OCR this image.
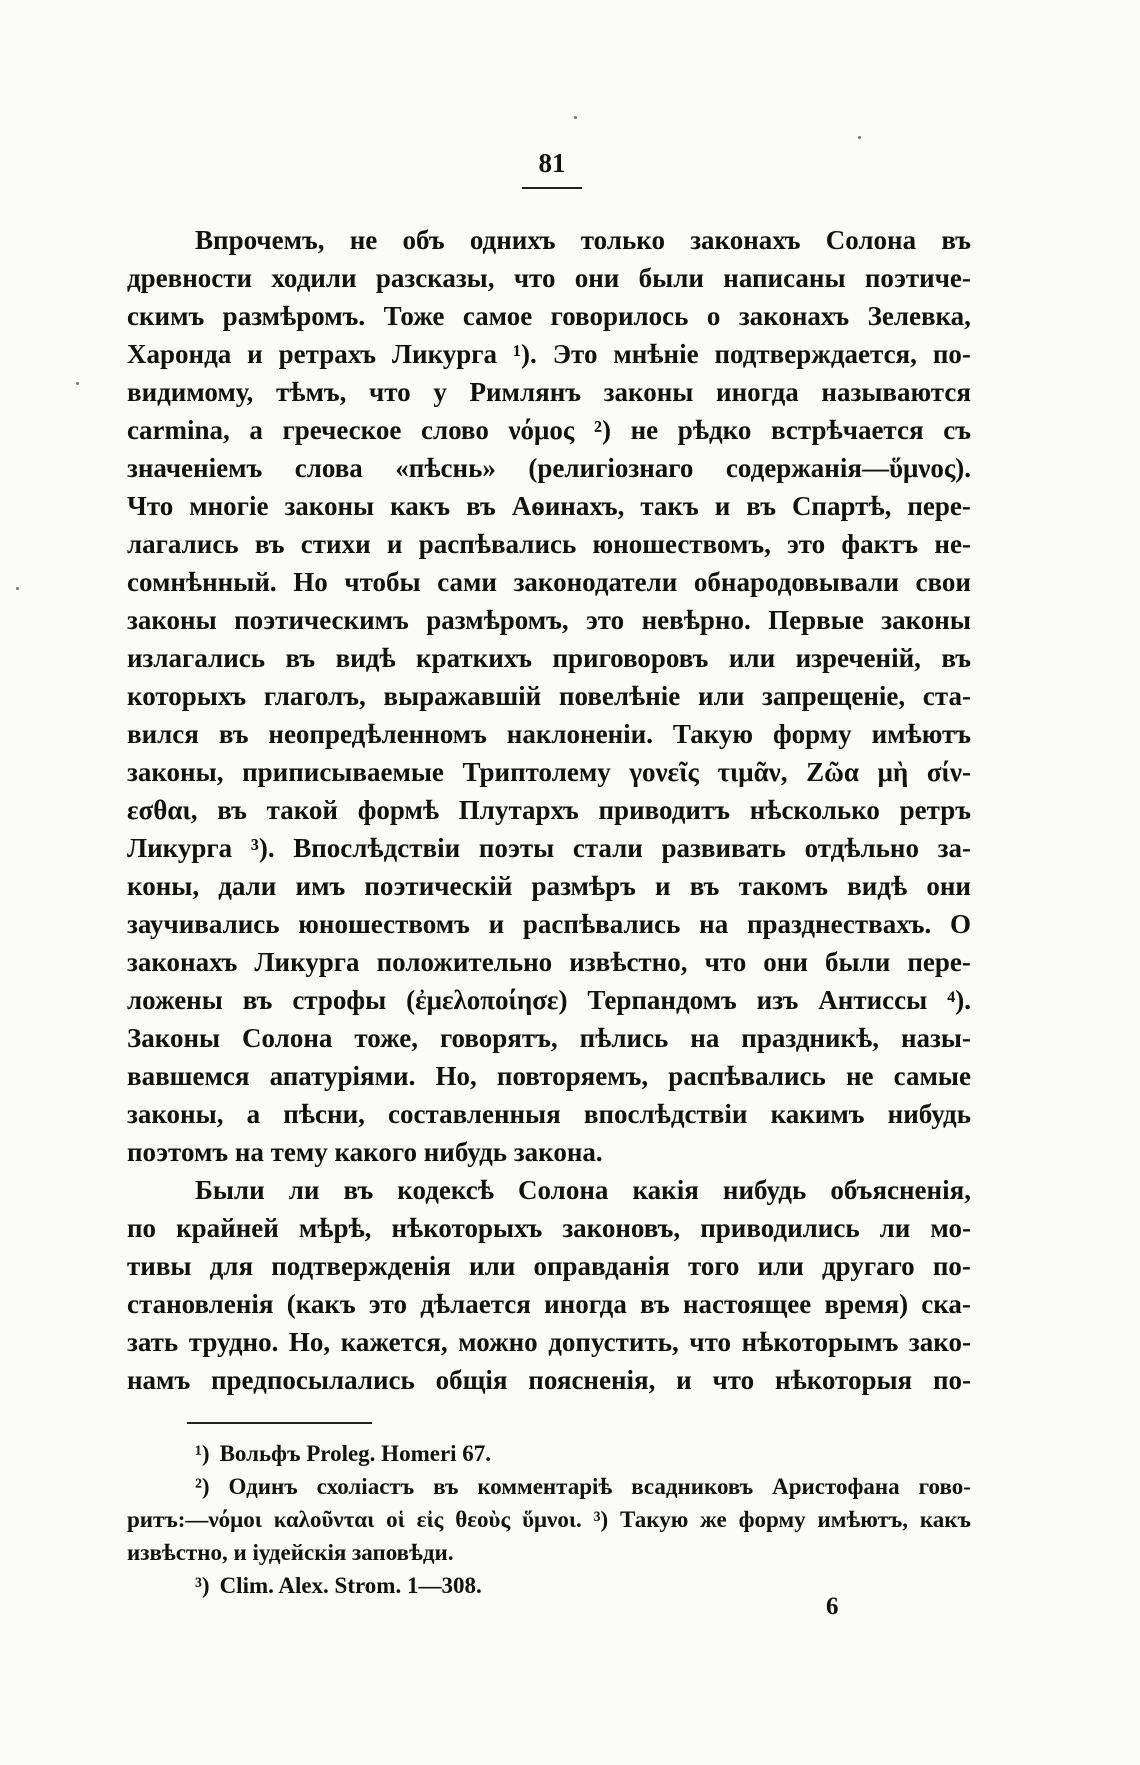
81
Впрочемъ, не объ однихъ только законахъ Солона въ
древности ходили разсказы, что они были написаны поэтиче-
скимъ размѣромъ. Тоже самое говорилось о законахъ Зелевка,
Харонда и ретрахъ Ликурга ¹). Это мнѣніе подтверждается, по-
видимому, тѣмъ, что у Римлянъ законы иногда называются
carmina, а греческое слово νόμος ²) не рѣдко встрѣчается съ
значеніемъ слова «пѣснь» (религіознаго содержанія—ὕμνος).
Что многіе законы какъ въ Аѳинахъ, такъ и въ Спартѣ, пере-
лагались въ стихи и распѣвались юношествомъ, это фактъ не-
сомнѣнный. Но чтобы сами законодатели обнародовывали свои
законы поэтическимъ размѣромъ, это невѣрно. Первые законы
излагались въ видѣ краткихъ приговоровъ или изреченій, въ
которыхъ глаголъ, выражавшій повелѣніе или запрещеніе, ста-
вился въ неопредѣленномъ наклоненіи. Такую форму имѣютъ
законы, приписываемые Триптолему γονεῖς τιμᾶν, Ζῶα μὴ σίν-
εσθαι, въ такой формѣ Плутархъ приводитъ нѣсколько ретръ
Ликурга ³). Впослѣдствіи поэты стали развивать отдѣльно за-
коны, дали имъ поэтическій размѣръ и въ такомъ видѣ они
заучивались юношествомъ и распѣвались на празднествахъ. О
законахъ Ликурга положительно извѣстно, что они были пере-
ложены въ строфы (ἐμελοποίησε) Терпандомъ изъ Антиссы ⁴).
Законы Солона тоже, говорятъ, пѣлись на праздникѣ, назы-
вавшемся апатуріями. Но, повторяемъ, распѣвались не самые
законы, а пѣсни, составленныя впослѣдствіи какимъ нибудь
поэтомъ на тему какого нибудь закона.
Были ли въ кодексѣ Солона какія нибудь объясненія,
по крайней мѣрѣ, нѣкоторыхъ законовъ, приводились ли мо-
тивы для подтвержденія или оправданія того или другаго по-
становленія (какъ это дѣлается иногда въ настоящее время) ска-
зать трудно. Но, кажется, можно допустить, что нѣкоторымъ зако-
намъ предпосылались общія поясненія, и что нѣкоторыя по-
¹) Вольфъ Proleg. Homeri 67.
²) Одинъ схоліастъ въ комментаріѣ всадниковъ Аристофана гово-
ритъ:—νόμοι καλοῦνται οἱ εἰς θεοὺς ὕμνοι. ³) Такую же форму имѣютъ, какъ
извѣстно, и іудейскія заповѣди.
³) Clim. Alex. Strom. 1—308.
6
